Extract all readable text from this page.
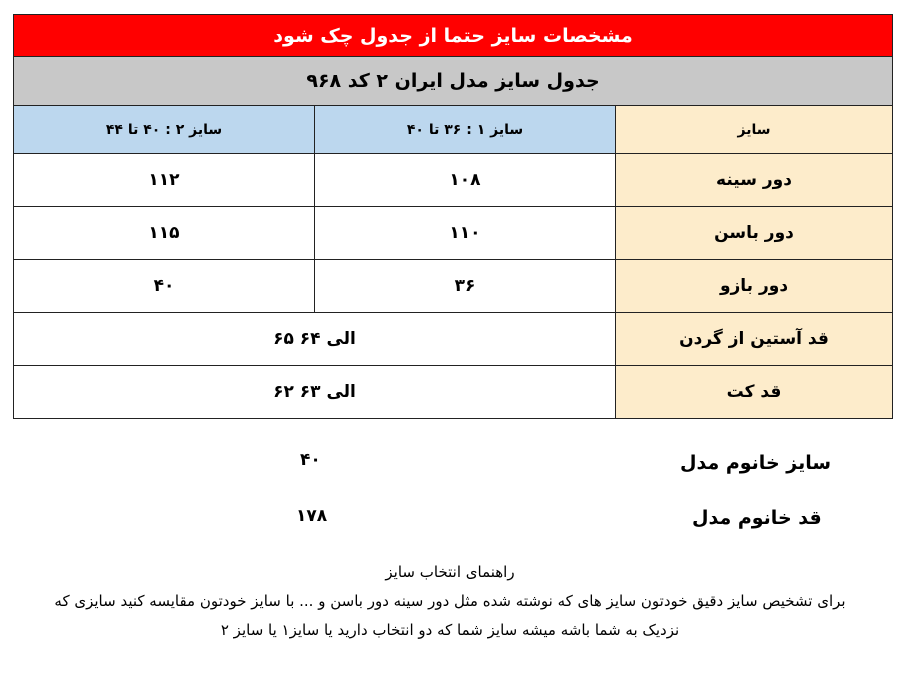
مشخصات سایز حتما از جدول چک شود		
جدول سایز مدل ایران ۲ کد ۹۶۸		
سایز ۲ : ۴۰ تا ۴۴	سایز ۱ : ۳۶ تا ۴۰	سایز
۱۱۲	۱۰۸	دور سینه
۱۱۵	۱۱۰	دور باسن
۴۰	۳۶	دور بازو
۶۵ الی ۶۴		قد آستین از گردن
۶۲ الی ۶۳		قد کت
سایز خانوم مدل
۴۰
قد خانوم مدل
۱۷۸

راهنمای انتخاب سایز

برای تشخیص سایز دقیق خودتون سایز های که نوشته شده مثل دور سینه دور باسن و ... با سایز خودتون مقایسه کنید سایزی که

نزدیک به شما باشه میشه سایز شما که دو انتخاب دارید یا سایز۱ یا سایز ۲
